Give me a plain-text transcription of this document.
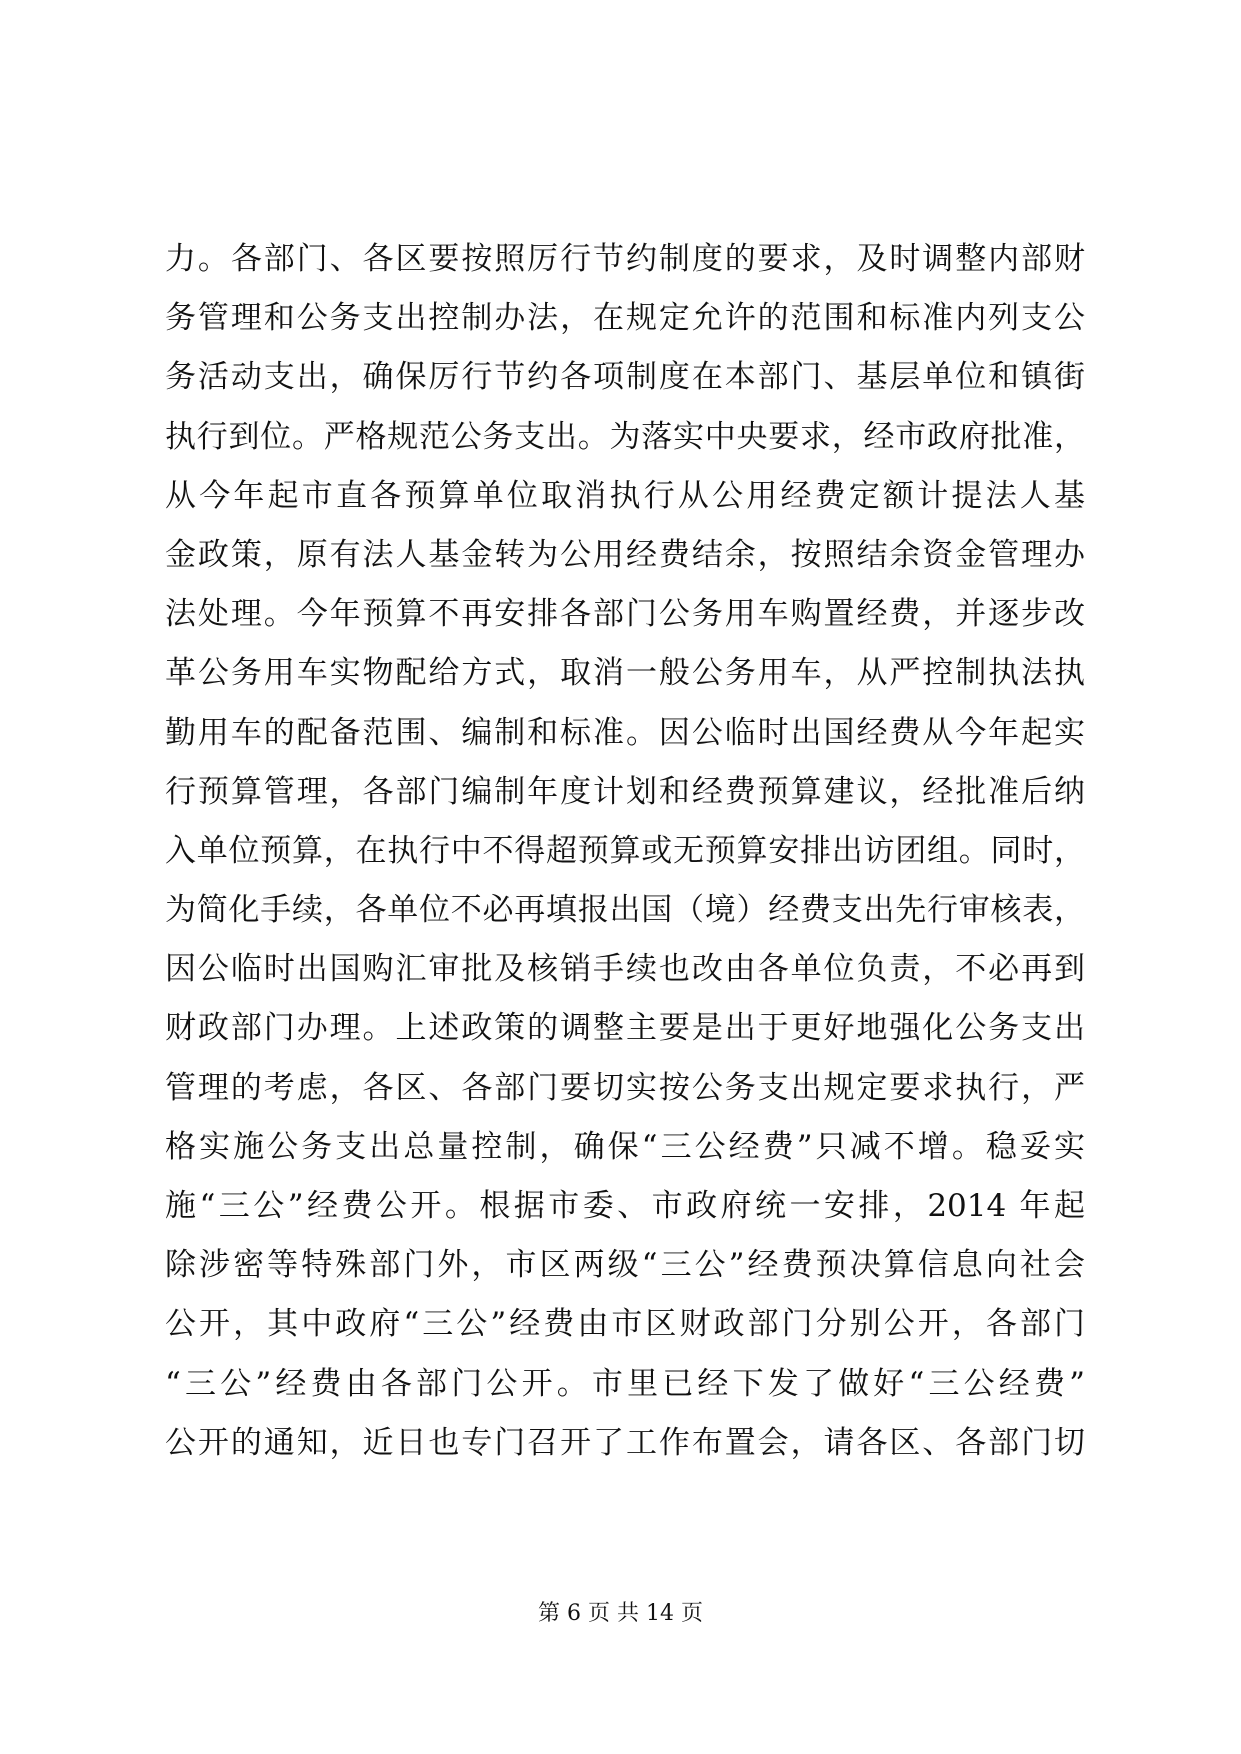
力。各部门、各区要按照厉行节约制度的要求，及时调整内部财
务管理和公务支出控制办法，在规定允许的范围和标准内列支公
务活动支出，确保厉行节约各项制度在本部门、基层单位和镇街
执行到位。严格规范公务支出。为落实中央要求，经市政府批准，
从今年起市直各预算单位取消执行从公用经费定额计提法人基
金政策，原有法人基金转为公用经费结余，按照结余资金管理办
法处理。今年预算不再安排各部门公务用车购置经费，并逐步改
革公务用车实物配给方式，取消一般公务用车，从严控制执法执
勤用车的配备范围、编制和标准。因公临时出国经费从今年起实
行预算管理，各部门编制年度计划和经费预算建议，经批准后纳
入单位预算，在执行中不得超预算或无预算安排出访团组。同时，
为简化手续，各单位不必再填报出国（境）经费支出先行审核表，
因公临时出国购汇审批及核销手续也改由各单位负责，不必再到
财政部门办理。上述政策的调整主要是出于更好地强化公务支出
管理的考虑，各区、各部门要切实按公务支出规定要求执行，严
格实施公务支出总量控制，确保“三公经费”只减不增。稳妥实
施“三公”经费公开。根据市委、市政府统一安排，2014 年起
除涉密等特殊部门外，市区两级“三公”经费预决算信息向社会
公开，其中政府“三公”经费由市区财政部门分别公开，各部门
“三公”经费由各部门公开。市里已经下发了做好“三公经费”
公开的通知，近日也专门召开了工作布置会，请各区、各部门切
第 6 页 共 14 页
